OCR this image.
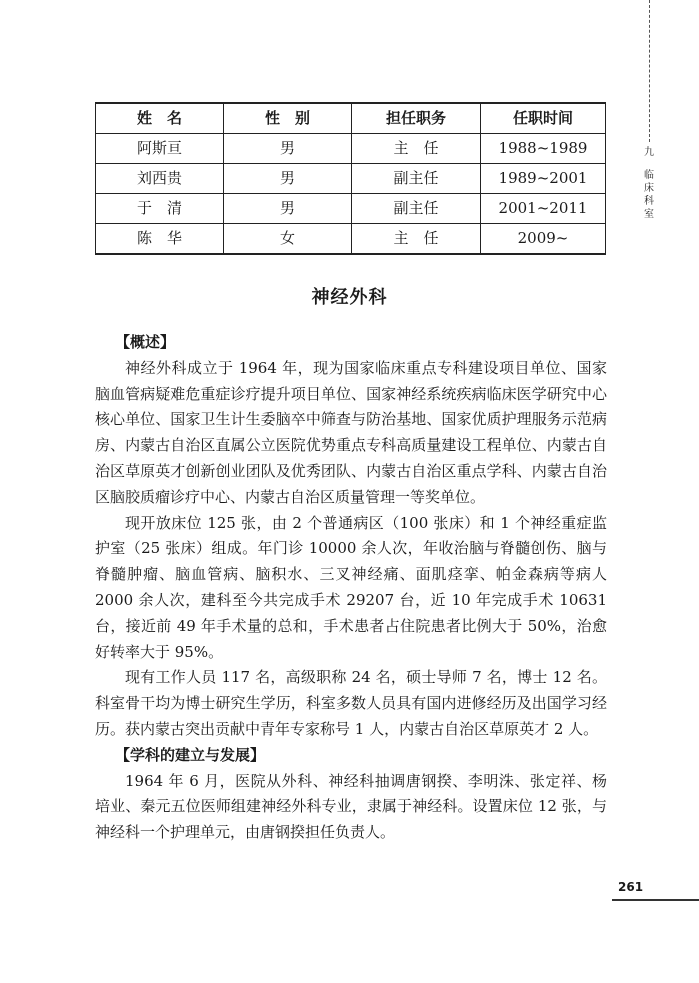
姓　名	性　别	担任职务	任职时间
阿斯亘	男	主　任	1988~1989
刘西贵	男	副主任	1989~2001
于　清	男	副主任	2001~2011
陈　华	女	主　任	2009~
九
临床科室
神经外科
【概述】

神经外科成立于 1964 年，现为国家临床重点专科建设项目单位、国家脑血管病疑难危重症诊疗提升项目单位、国家神经系统疾病临床医学研究中心核心单位、国家卫生计生委脑卒中筛查与防治基地、国家优质护理服务示范病房、内蒙古自治区直属公立医院优势重点专科高质量建设工程单位、内蒙古自治区草原英才创新创业团队及优秀团队、内蒙古自治区重点学科、内蒙古自治区脑胶质瘤诊疗中心、内蒙古自治区质量管理一等奖单位。

现开放床位 125 张，由 2 个普通病区（100 张床）和 1 个神经重症监护室（25 张床）组成。年门诊 10000 余人次，年收治脑与脊髓创伤、脑与脊髓肿瘤、脑血管病、脑积水、三叉神经痛、面肌痉挛、帕金森病等病人 2000 余人次，建科至今共完成手术 29207 台，近 10 年完成手术 10631 台，接近前 49 年手术量的总和，手术患者占住院患者比例大于 50%，治愈好转率大于 95%。

现有工作人员 117 名，高级职称 24 名，硕士导师 7 名，博士 12 名。科室骨干均为博士研究生学历，科室多数人员具有国内进修经历及出国学习经历。获内蒙古突出贡献中青年专家称号 1 人，内蒙古自治区草原英才 2 人。

【学科的建立与发展】

1964 年 6 月，医院从外科、神经科抽调唐钢揆、李明洙、张定祥、杨培业、秦元五位医师组建神经外科专业，隶属于神经科。设置床位 12 张，与神经科一个护理单元，由唐钢揆担任负责人。

261
